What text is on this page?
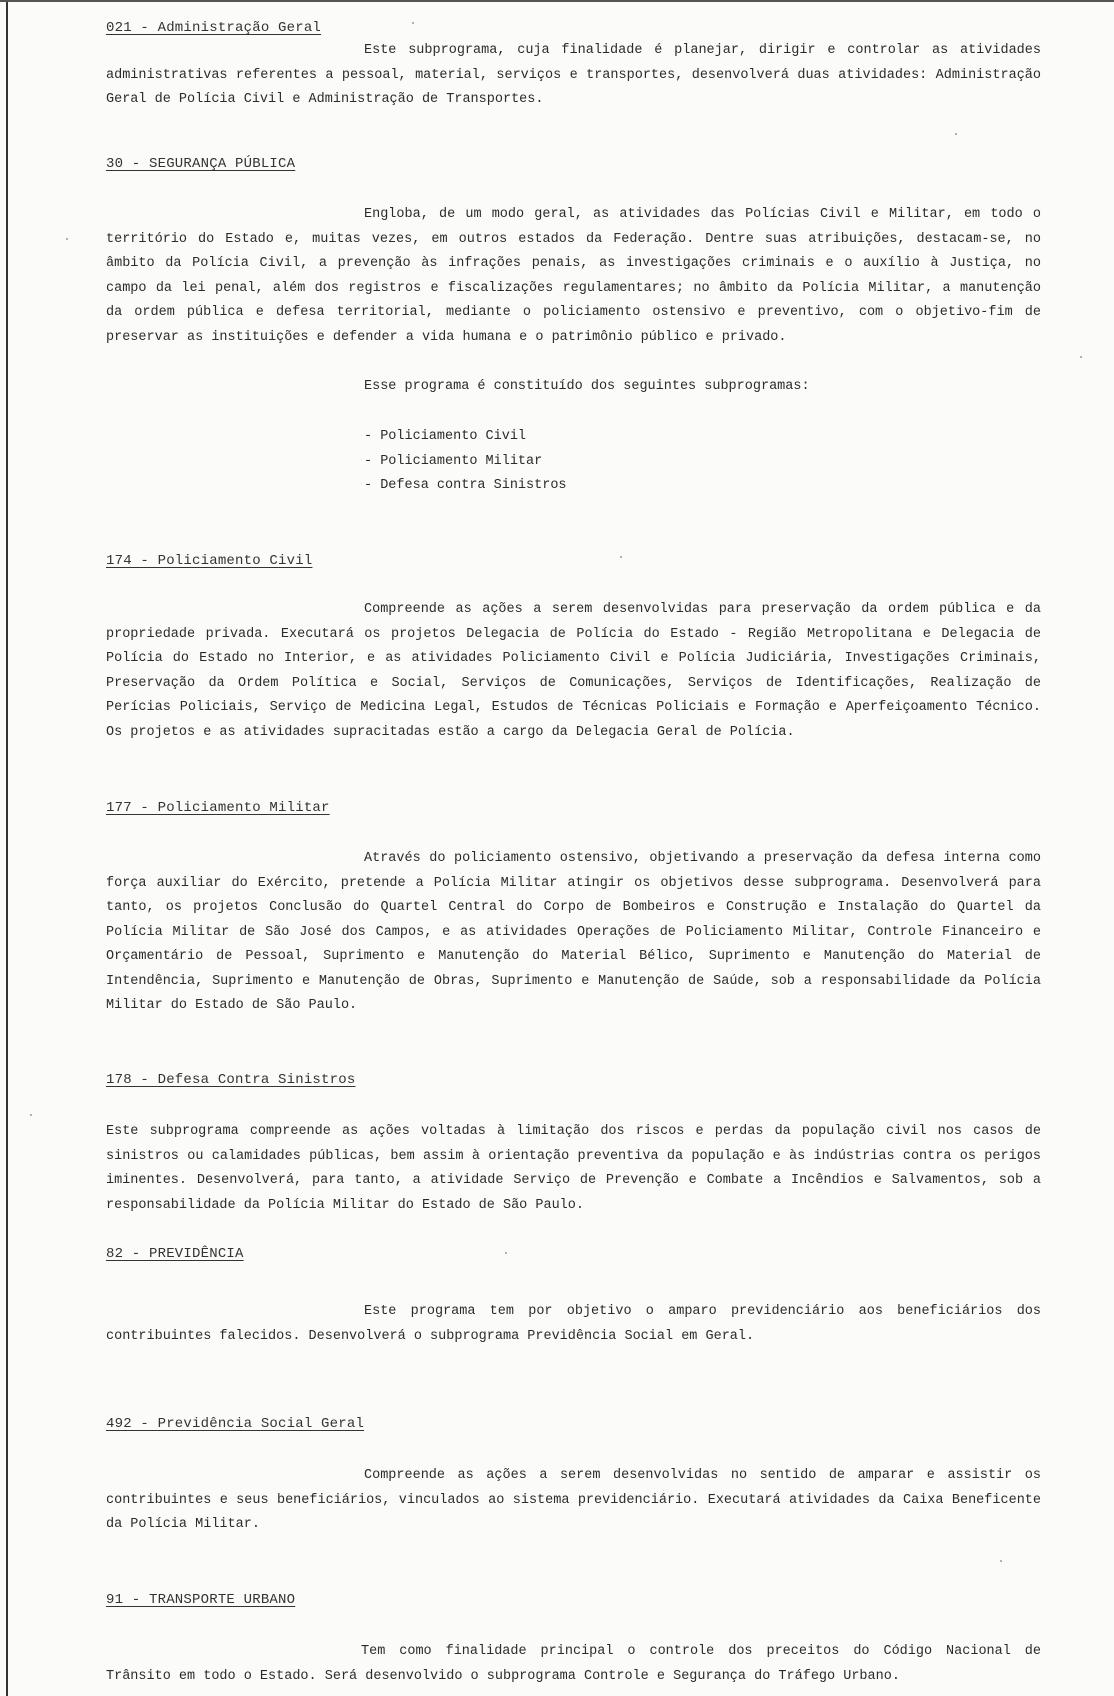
021 - Administração Geral

Este subprograma, cuja finalidade é planejar, dirigir e controlar as atividades administrativas referentes a pessoal, material, serviços e transportes, desenvolverá duas atividades: Administração Geral de Polícia Civil e Administração de Transportes.

30 - SEGURANÇA PÚBLICA

Engloba, de um modo geral, as atividades das Polícias Civil e Militar, em todo o território do Estado e, muitas vezes, em outros estados da Federação. Dentre suas atribuições, destacam-se, no âmbito da Polícia Civil, a prevenção às infrações penais, as investigações criminais e o auxílio à Justiça, no campo da lei penal, além dos registros e fiscalizações regulamentares; no âmbito da Polícia Militar, a manutenção da ordem pública e defesa territorial, mediante o policiamento ostensivo e preventivo, com o objetivo-fim de preservar as instituições e defender a vida humana e o patrimônio público e privado.

Esse programa é constituído dos seguintes subprogramas:
- Policiamento Civil
- Policiamento Militar
- Defesa contra Sinistros
174 - Policiamento Civil

Compreende as ações a serem desenvolvidas para preservação da ordem pública e da propriedade privada. Executará os projetos Delegacia de Polícia do Estado - Região Metropolitana e Delegacia de Polícia do Estado no Interior, e as atividades Policiamento Civil e Polícia Judiciária, Investigações Criminais, Preservação da Ordem Política e Social, Serviços de Comunicações, Serviços de Identificações, Realização de Perícias Policiais, Serviço de Medicina Legal, Estudos de Técnicas Policiais e Formação e Aperfeiçoamento Técnico. Os projetos e as atividades supracitadas estão a cargo da Delegacia Geral de Polícia.

177 - Policiamento Militar

Através do policiamento ostensivo, objetivando a preservação da defesa interna como força auxiliar do Exército, pretende a Polícia Militar atingir os objetivos desse subprograma. Desenvolverá para tanto, os projetos Conclusão do Quartel Central do Corpo de Bombeiros e Construção e Instalação do Quartel da Polícia Militar de São José dos Campos, e as atividades Operações de Policiamento Militar, Controle Financeiro e Orçamentário de Pessoal, Suprimento e Manutenção do Material Bélico, Suprimento e Manutenção do Material de Intendência, Suprimento e Manutenção de Obras, Suprimento e Manutenção de Saúde, sob a responsabilidade da Polícia Militar do Estado de São Paulo.

178 - Defesa Contra Sinistros

Este subprograma compreende as ações voltadas à limitação dos riscos e perdas da população civil nos casos de sinistros ou calamidades públicas, bem assim à orientação preventiva da população e às indústrias contra os perigos iminentes. Desenvolverá, para tanto, a atividade Serviço de Prevenção e Combate a Incêndios e Salvamentos, sob a responsabilidade da Polícia Militar do Estado de São Paulo.

82 - PREVIDÊNCIA

Este programa tem por objetivo o amparo previdenciário aos beneficiários dos contribuintes falecidos. Desenvolverá o subprograma Previdência Social em Geral.

492 - Previdência Social Geral

Compreende as ações a serem desenvolvidas no sentido de amparar e assistir os contribuintes e seus beneficiários, vinculados ao sistema previdenciário. Executará atividades da Caixa Beneficente da Polícia Militar.

91 - TRANSPORTE URBANO

Tem como finalidade principal o controle dos preceitos do Código Nacional de Trânsito em todo o Estado. Será desenvolvido o subprograma Controle e Segurança do Tráfego Urbano.
